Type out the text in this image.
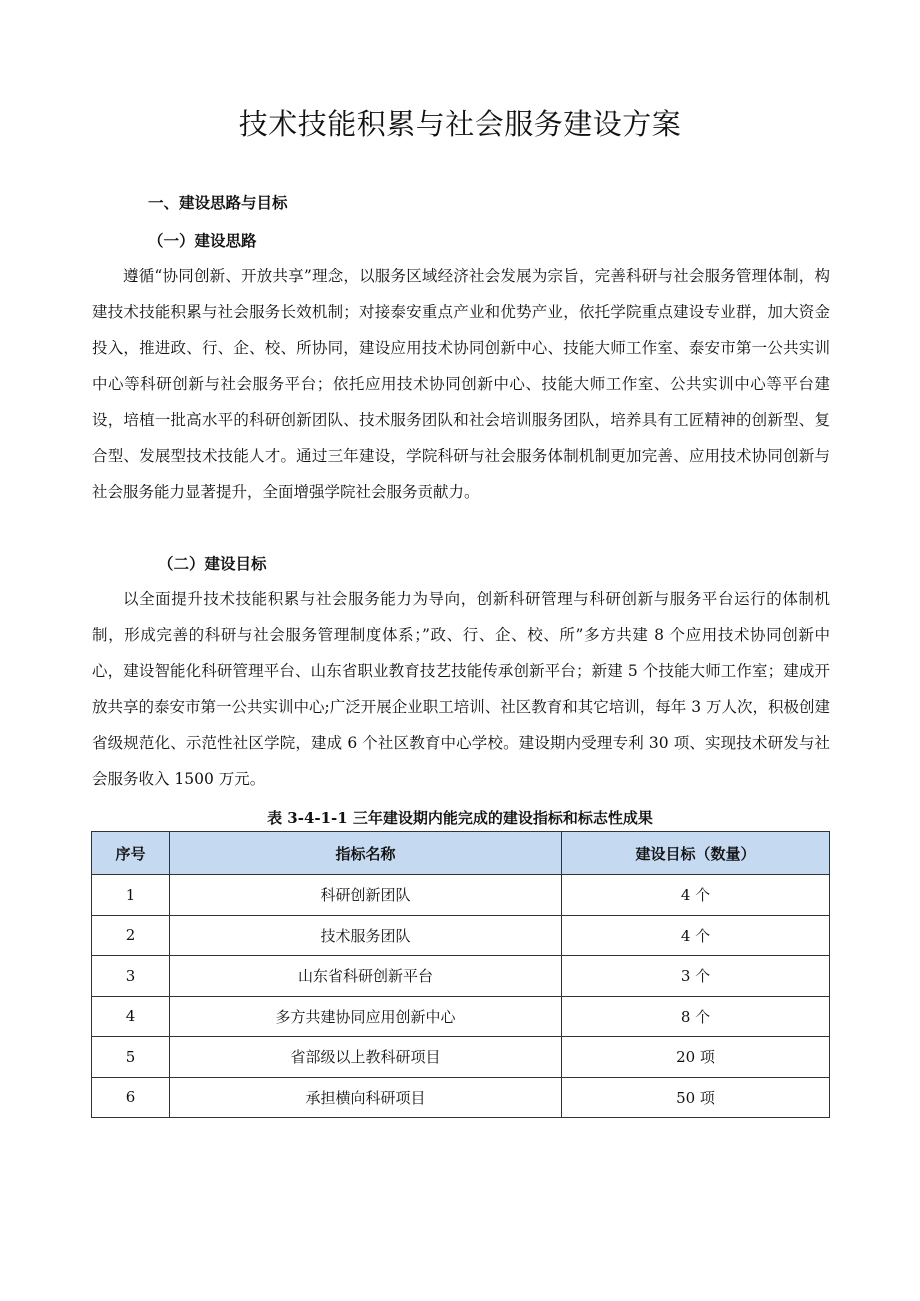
技术技能积累与社会服务建设方案
一、建设思路与目标
（一）建设思路

遵循“协同创新、开放共享”理念，以服务区域经济社会发展为宗旨，完善科研与社会服务管理体制，构建技术技能积累与社会服务长效机制；对接泰安重点产业和优势产业，依托学院重点建设专业群，加大资金投入，推进政、行、企、校、所协同，建设应用技术协同创新中心、技能大师工作室、泰安市第一公共实训中心等科研创新与社会服务平台；依托应用技术协同创新中心、技能大师工作室、公共实训中心等平台建设，培植一批高水平的科研创新团队、技术服务团队和社会培训服务团队，培养具有工匠精神的创新型、复合型、发展型技术技能人才。通过三年建设，学院科研与社会服务体制机制更加完善、应用技术协同创新与社会服务能力显著提升，全面增强学院社会服务贡献力。

（二）建设目标

以全面提升技术技能积累与社会服务能力为导向，创新科研管理与科研创新与服务平台运行的体制机制，形成完善的科研与社会服务管理制度体系；”政、行、企、校、所”多方共建 8 个应用技术协同创新中心，建设智能化科研管理平台、山东省职业教育技艺技能传承创新平台；新建 5 个技能大师工作室；建成开放共享的泰安市第一公共实训中心;广泛开展企业职工培训、社区教育和其它培训，每年 3 万人次，积极创建省级规范化、示范性社区学院，建成 6 个社区教育中心学校。建设期内受理专利 30 项、实现技术研发与社会服务收入 1500 万元。

表 3-4-1-1 三年建设期内能完成的建设指标和标志性成果
序号	指标名称	建设目标（数量）
1	科研创新团队	4 个
2	技术服务团队	4 个
3	山东省科研创新平台	3 个
4	多方共建协同应用创新中心	8 个
5	省部级以上教科研项目	20 项
6	承担横向科研项目	50 项
